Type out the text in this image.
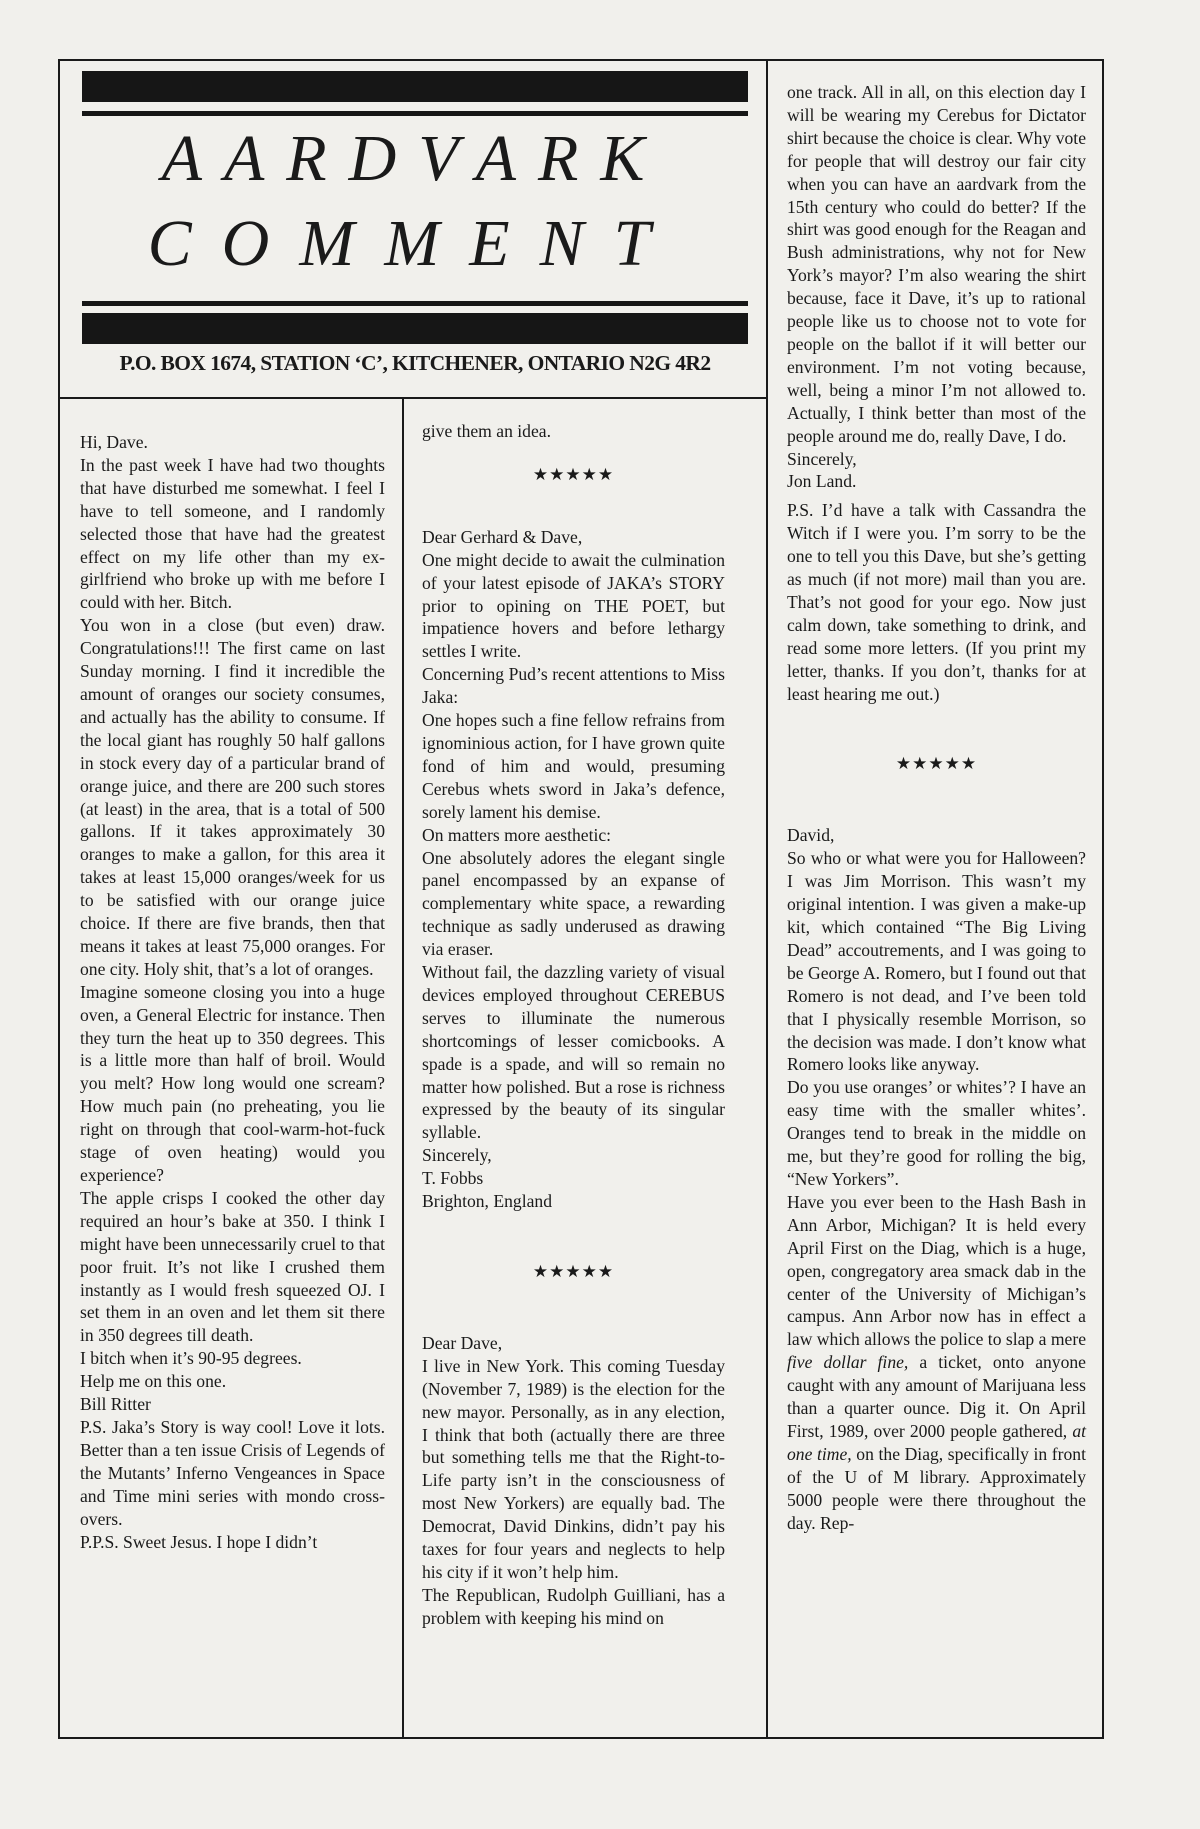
AARDVARK
COMMENT
P.O. BOX 1674, STATION ‘C’, KITCHENER, ONTARIO N2G 4R2

Hi, Dave.

In the past week I have had two thoughts that have disturbed me somewhat. I feel I have to tell someone, and I randomly selected those that have had the greatest effect on my life other than my ex-girlfriend who broke up with me before I could with her. Bitch.

You won in a close (but even) draw. Congratulations!!! The first came on last Sunday morning. I find it incredible the amount of oranges our society consumes, and actually has the ability to consume. If the local giant has roughly 50 half gallons in stock every day of a particular brand of orange juice, and there are 200 such stores (at least) in the area, that is a total of 500 gallons. If it takes approximately 30 oranges to make a gallon, for this area it takes at least 15,000 oranges/week for us to be satisfied with our orange juice choice. If there are five brands, then that means it takes at least 75,000 oranges. For one city. Holy shit, that’s a lot of oranges.

Imagine someone closing you into a huge oven, a General Electric for instance. Then they turn the heat up to 350 degrees. This is a little more than half of broil. Would you melt? How long would one scream? How much pain (no preheating, you lie right on through that cool-warm-hot-fuck stage of oven heating) would you experience?

The apple crisps I cooked the other day required an hour’s bake at 350. I think I might have been unnecessarily cruel to that poor fruit. It’s not like I crushed them instantly as I would fresh squeezed OJ. I set them in an oven and let them sit there in 350 degrees till death.

I bitch when it’s 90-95 degrees.

Help me on this one.

Bill Ritter

P.S. Jaka’s Story is way cool! Love it lots. Better than a ten issue Crisis of Legends of the Mutants’ Inferno Vengeances in Space and Time mini series with mondo cross-overs.

P.P.S. Sweet Jesus. I hope I didn’t

give them an idea.

★★★★★

Dear Gerhard & Dave,

One might decide to await the culmination of your latest episode of JAKA’s STORY prior to opining on THE POET, but impatience hovers and before lethargy settles I write.

Concerning Pud’s recent attentions to Miss Jaka:

One hopes such a fine fellow refrains from ignominious action, for I have grown quite fond of him and would, presuming Cerebus whets sword in Jaka’s defence, sorely lament his demise.

On matters more aesthetic:

One absolutely adores the elegant single panel encompassed by an expanse of complementary white space, a rewarding technique as sadly underused as drawing via eraser.

Without fail, the dazzling variety of visual devices employed throughout CEREBUS serves to illuminate the numerous shortcomings of lesser comicbooks. A spade is a spade, and will so remain no matter how polished. But a rose is richness expressed by the beauty of its singular syllable.

Sincerely,

T. Fobbs

Brighton, England

★★★★★

Dear Dave,

I live in New York. This coming Tuesday (November 7, 1989) is the election for the new mayor. Personally, as in any election, I think that both (actually there are three but something tells me that the Right-to-Life party isn’t in the consciousness of most New Yorkers) are equally bad. The Democrat, David Dinkins, didn’t pay his taxes for four years and neglects to help his city if it won’t help him.

The Republican, Rudolph Guilliani, has a problem with keeping his mind on

one track. All in all, on this election day I will be wearing my Cerebus for Dictator shirt because the choice is clear. Why vote for people that will destroy our fair city when you can have an aardvark from the 15th century who could do better? If the shirt was good enough for the Reagan and Bush administrations, why not for New York’s mayor? I’m also wearing the shirt because, face it Dave, it’s up to rational people like us to choose not to vote for people on the ballot if it will better our environment. I’m not voting because, well, being a minor I’m not allowed to. Actually, I think better than most of the people around me do, really Dave, I do.

Sincerely,

Jon Land.

P.S. I’d have a talk with Cassandra the Witch if I were you. I’m sorry to be the one to tell you this Dave, but she’s getting as much (if not more) mail than you are. That’s not good for your ego. Now just calm down, take something to drink, and read some more letters. (If you print my letter, thanks. If you don’t, thanks for at least hearing me out.)

★★★★★

David,

So who or what were you for Halloween? I was Jim Morrison. This wasn’t my original intention. I was given a make-up kit, which contained “The Big Living Dead” accoutrements, and I was going to be George A. Romero, but I found out that Romero is not dead, and I’ve been told that I physically resemble Morrison, so the decision was made. I don’t know what Romero looks like anyway.

Do you use oranges’ or whites’? I have an easy time with the smaller whites’. Oranges tend to break in the middle on me, but they’re good for rolling the big, “New Yorkers”.

Have you ever been to the Hash Bash in Ann Arbor, Michigan? It is held every April First on the Diag, which is a huge, open, congregatory area smack dab in the center of the University of Michigan’s campus. Ann Arbor now has in effect a law which allows the police to slap a mere five dollar fine, a ticket, onto anyone caught with any amount of Marijuana less than a quarter ounce. Dig it. On April First, 1989, over 2000 people gathered, at one time, on the Diag, specifically in front of the U of M library. Approximately 5000 people were there throughout the day. Rep-
